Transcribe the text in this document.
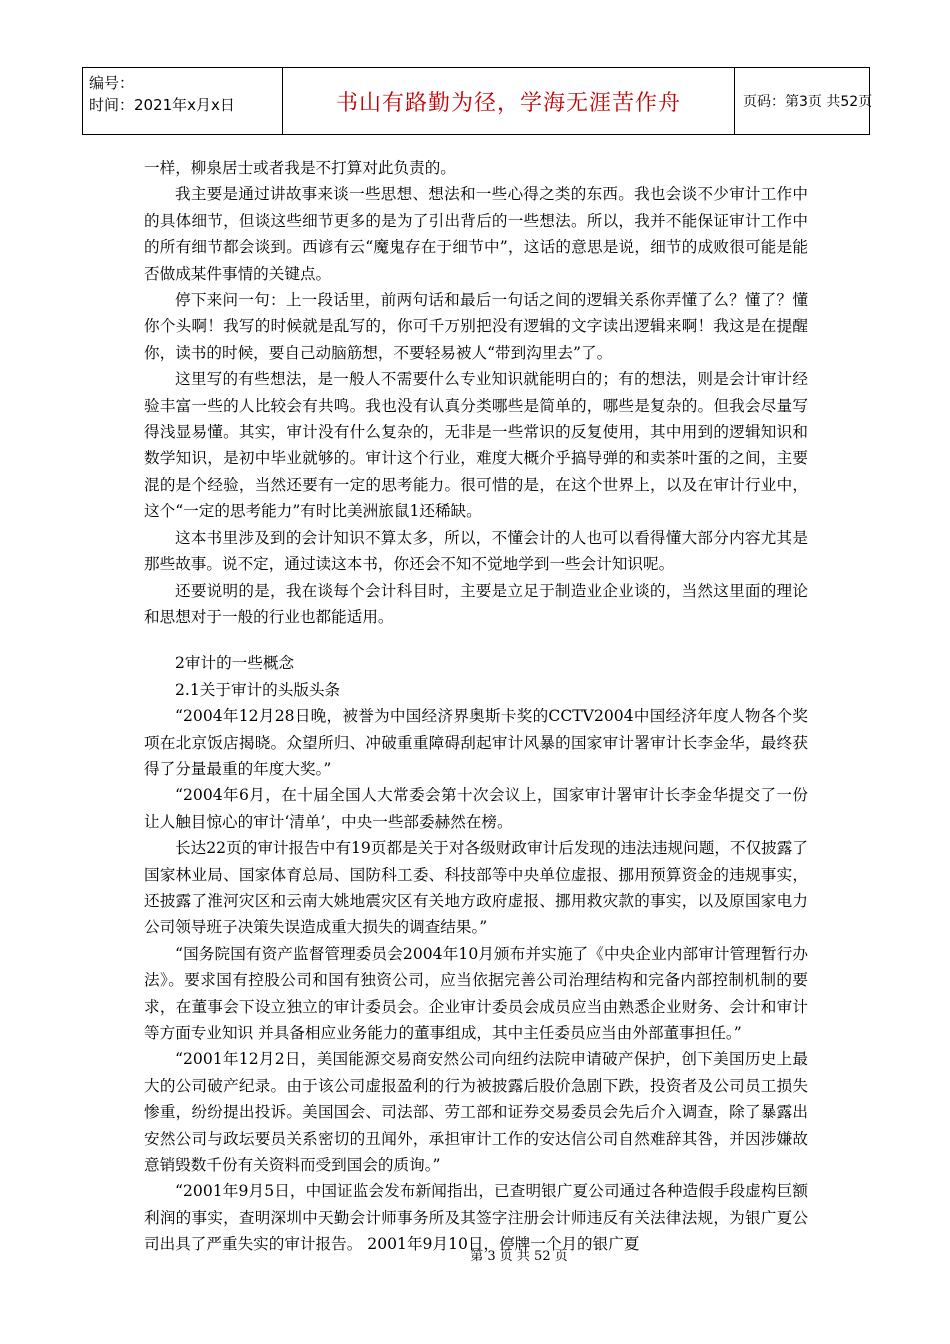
编号：
时间：2021年x月x日	书山有路勤为径，学海无涯苦作舟	页码：第3页 共52页

一样，柳泉居士或者我是不打算对此负责的。

我主要是通过讲故事来谈一些思想、想法和一些心得之类的东西。我也会谈不少审计工作中的具体细节，但谈这些细节更多的是为了引出背后的一些想法。所以，我并不能保证审计工作中的所有细节都会谈到。西谚有云“魔鬼存在于细节中”，这话的意思是说，细节的成败很可能是能否做成某件事情的关键点。

停下来问一句：上一段话里，前两句话和最后一句话之间的逻辑关系你弄懂了么？懂了？懂你个头啊！我写的时候就是乱写的，你可千万别把没有逻辑的文字读出逻辑来啊！我这是在提醒你，读书的时候，要自己动脑筋想，不要轻易被人“带到沟里去”了。

这里写的有些想法，是一般人不需要什么专业知识就能明白的；有的想法，则是会计审计经验丰富一些的人比较会有共鸣。我也没有认真分类哪些是简单的，哪些是复杂的。但我会尽量写得浅显易懂。其实，审计没有什么复杂的，无非是一些常识的反复使用，其中用到的逻辑知识和数学知识，是初中毕业就够的。审计这个行业，难度大概介乎搞导弹的和卖茶叶蛋的之间，主要混的是个经验，当然还要有一定的思考能力。很可惜的是，在这个世界上，以及在审计行业中，这个“一定的思考能力”有时比美洲旅鼠1还稀缺。

这本书里涉及到的会计知识不算太多，所以，不懂会计的人也可以看得懂大部分内容尤其是那些故事。说不定，通过读这本书，你还会不知不觉地学到一些会计知识呢。

还要说明的是，我在谈每个会计科目时，主要是立足于制造业企业谈的，当然这里面的理论和思想对于一般的行业也都能适用。

2审计的一些概念

2.1关于审计的头版头条

“2004年12月28日晚，被誉为中国经济界奥斯卡奖的CCTV2004中国经济年度人物各个奖项在北京饭店揭晓。众望所归、冲破重重障碍刮起审计风暴的国家审计署审计长李金华，最终获得了分量最重的年度大奖。”

“2004年6月，在十届全国人大常委会第十次会议上，国家审计署审计长李金华提交了一份让人触目惊心的审计‘清单’，中央一些部委赫然在榜。

长达22页的审计报告中有19页都是关于对各级财政审计后发现的违法违规问题，不仅披露了国家林业局、国家体育总局、国防科工委、科技部等中央单位虚报、挪用预算资金的违规事实，还披露了淮河灾区和云南大姚地震灾区有关地方政府虚报、挪用救灾款的事实，以及原国家电力公司领导班子决策失误造成重大损失的调查结果。”

“国务院国有资产监督管理委员会2004年10月颁布并实施了《中央企业内部审计管理暂行办法》。要求国有控股公司和国有独资公司，应当依据完善公司治理结构和完备内部控制机制的要求，在董事会下设立独立的审计委员会。企业审计委员会成员应当由熟悉企业财务、会计和审计等方面专业知识 并具备相应业务能力的董事组成，其中主任委员应当由外部董事担任。”

“2001年12月2日，美国能源交易商安然公司向纽约法院申请破产保护，创下美国历史上最大的公司破产纪录。由于该公司虚报盈利的行为被披露后股价急剧下跌，投资者及公司员工损失惨重，纷纷提出投诉。美国国会、司法部、劳工部和证券交易委员会先后介入调查，除了暴露出安然公司与政坛要员关系密切的丑闻外，承担审计工作的安达信公司自然难辞其咎，并因涉嫌故意销毁数千份有关资料而受到国会的质询。”

“2001年9月5日，中国证监会发布新闻指出，已查明银广夏公司通过各种造假手段虚构巨额利润的事实，查明深圳中天勤会计师事务所及其签字注册会计师违反有关法律法规，为银广夏公司出具了严重失实的审计报告。 2001年9月10日，停牌一个月的银广夏

第 3 页 共 52 页
